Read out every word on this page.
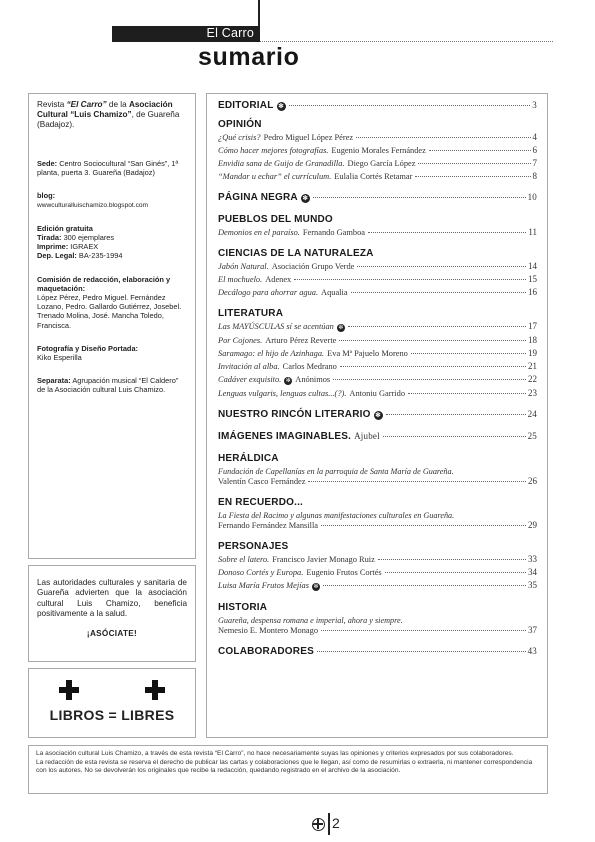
El Carro
sumario

Revista “El Carro” de la Asociación Cultural “Luis Chamizo”, de Guareña (Badajoz).

Sede: Centro Sociocultural “San Ginés”, 1ª planta, puerta 3. Guareña (Badajoz)

blog:

wwwculturalluischamizo.blogspot.com

Edición gratuita

Tirada: 300 ejemplares

Imprime: IGRAEX

Dep. Legal: BA-235-1994

Comisión de redacción, elaboración y maquetación:

López Pérez, Pedro Miguel. Fernández Lozano, Pedro. Gallardo Gutiérrez, Josebel. Trenado Molina, José. Mancha Toledo, Francisca.

Fotografía y Diseño Portada:

Kiko Esperilla

Separata: Agrupación musical “El Caldero” de la Asociación cultural Luis Chamizo.

Las autoridades culturales y sanitaria de Guareña advierten que la asociación cultural Luis Chamizo, beneficia positivamente a la salud.

¡ASÓCIATE!

LIBROS = LIBRES
EDITORIAL ✻	3
OPINIÓN
¿Qué crisis? Pedro Miguel López Pérez	4
Cómo hacer mejores fotografías. Eugenio Morales Fernández	6
Envidia sana de Guijo de Granadilla. Diego García López	7
“Mandar u echar” el currículum. Eulalia Cortés Retamar	8
PÁGINA NEGRA ✻	10
PUEBLOS DEL MUNDO
Demonios en el paraíso. Fernando Gamboa	11
CIENCIAS DE LA NATURALEZA
Jabón Natural. Asociación Grupo Verde	14
El mochuelo. Adenex	15
Decálogo para ahorrar agua. Aqualia	16
LITERATURA
Las MAYÚSCULAS sí se acentúan ✻	17
Por Cojones. Arturo Pérez Reverte	18
Saramago: el hijo de Azinhaga. Eva Mª Pajuelo Moreno	19
Invitación al alba. Carlos Medrano	21
Cadáver exquisito. ✻ Anónimos	22
Lenguas vulgaris, lenguas cultas...(?). Antoniu Garrido	23
NUESTRO RINCÓN LITERARIO ✻	24
IMÁGENES IMAGINABLES. Ajubel	25
HERÁLDICA
Fundación de Capellanías en la parroquia de Santa María de Guareña.
Valentín Casco Fernández	26
EN RECUERDO...
La Fiesta del Racimo y algunas manifestaciones culturales en Guareña.
Fernando Fernández Mansilla	29
PERSONAJES
Sobre el latero. Francisco Javier Monago Ruiz	33
Donoso Cortés y Europa. Eugenio Frutos Cortés	34
Luisa María Frutos Mejías ✻	35
HISTORIA
Guareña, despensa romana e imperial, ahora y siempre.
Nemesio E. Montero Monago	37
COLABORADORES	43

La asociación cultural Luis Chamizo, a través de esta revista “El Carro”, no hace necesariamente suyas las opiniones y criterios expresados por sus colaboradores.

La redacción de esta revista se reserva el derecho de publicar las cartas y colaboraciones que le llegan, así como de resumirlas o extraerla, ni mantener correspondencia con los autores. No se devolverán los originales que recibe la redacción, quedando registrado en el archivo de la asociación.

2
